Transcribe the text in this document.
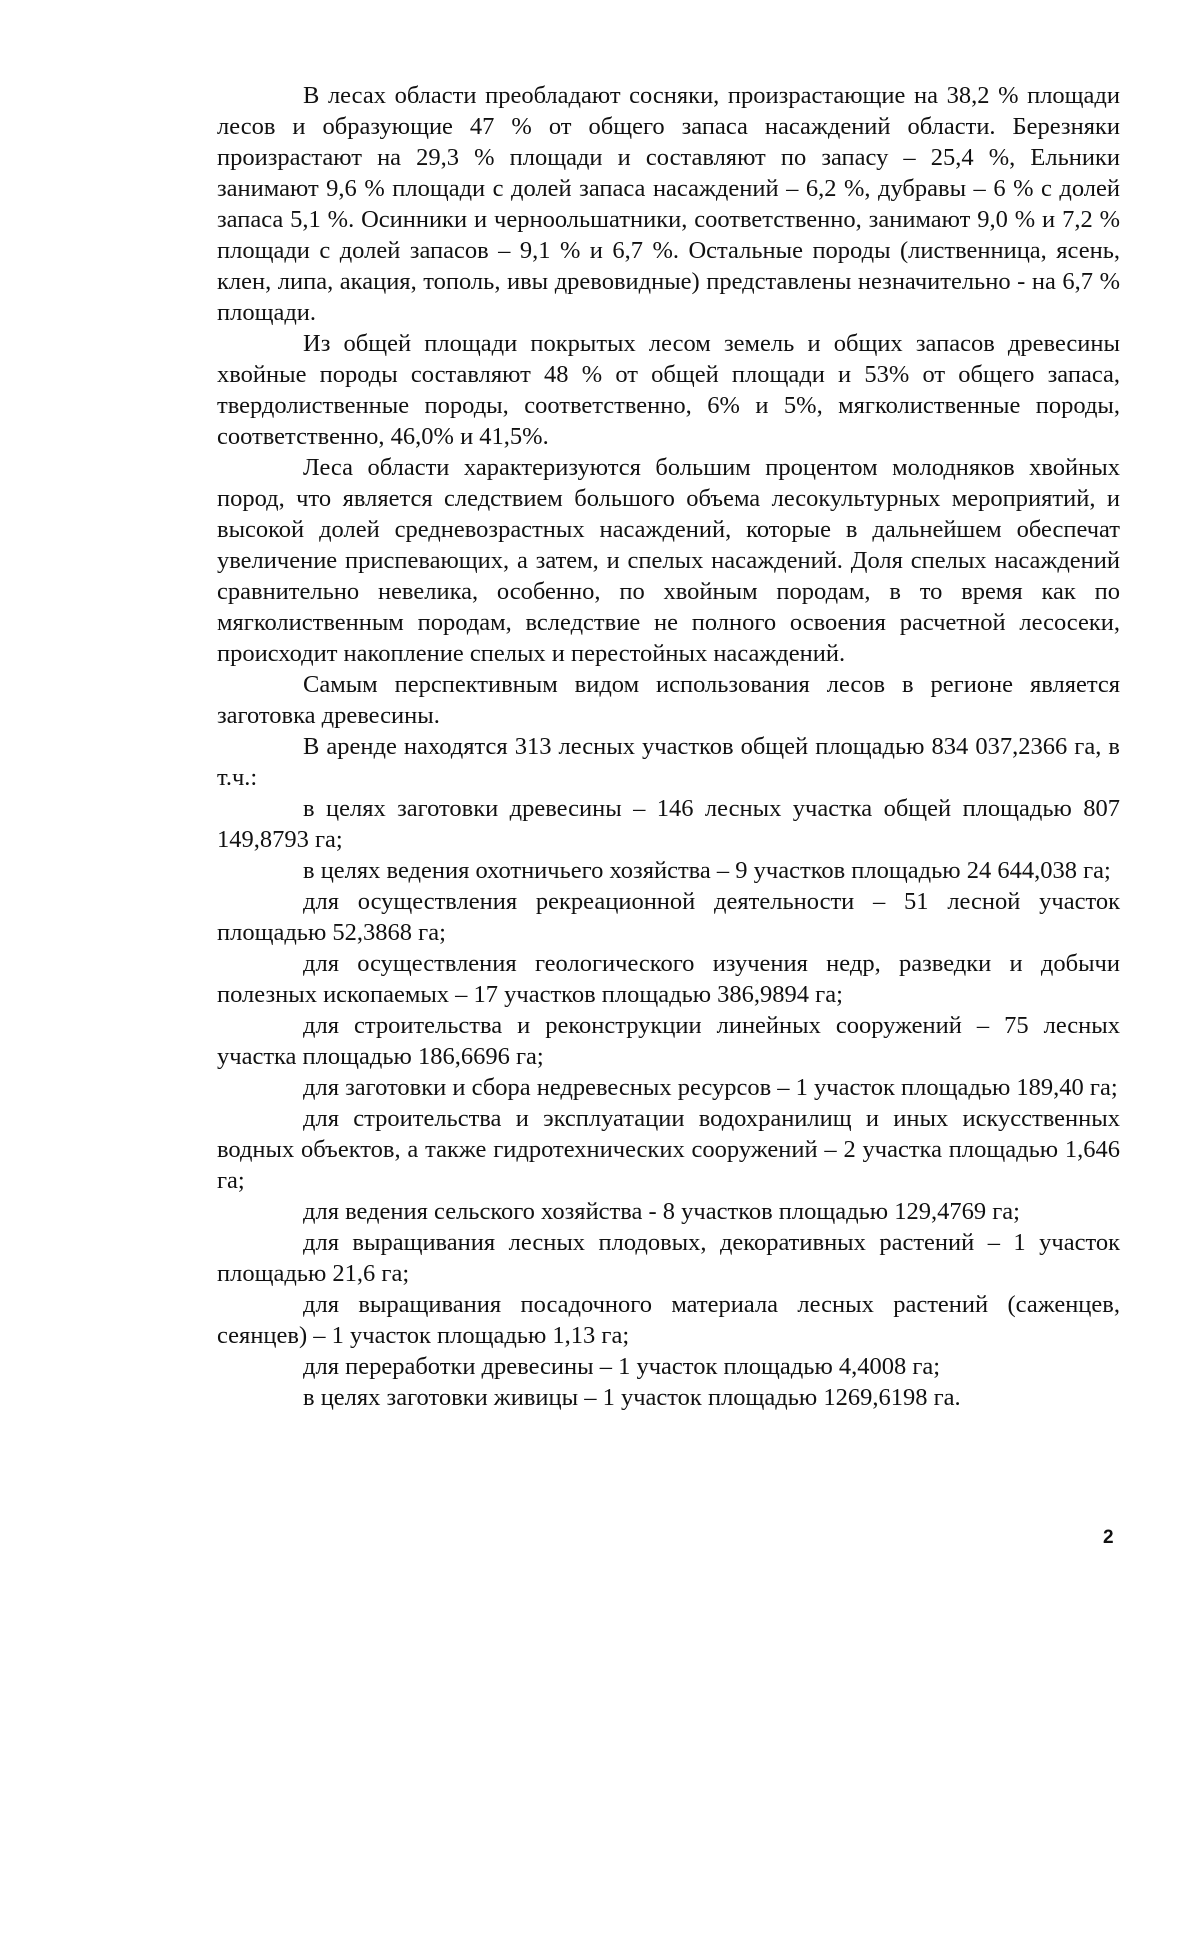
В лесах области преобладают сосняки, произрастающие на 38,2 % площади лесов и образующие 47 % от общего запаса насаждений области. Березняки произрастают на 29,3 % площади и составляют по запасу – 25,4 %, Ельники занимают 9,6 % площади с долей запаса насаждений – 6,2 %, дубравы – 6 % с долей запаса 5,1 %. Осинники и черноольшатники, соответственно, занимают 9,0 % и 7,2 % площади с долей запасов – 9,1 % и 6,7 %. Остальные породы (лиственница, ясень, клен, липа, акация, тополь, ивы древовидные) представлены незначительно - на 6,7 % площади.

Из общей площади покрытых лесом земель и общих запасов древесины хвойные породы составляют 48 % от общей площади и 53% от общего запаса, твердолиственные породы, соответственно, 6% и 5%, мягколиственные породы, соответственно, 46,0% и 41,5%.

Леса области характеризуются большим процентом молодняков хвойных пород, что является следствием большого объема лесокультурных мероприятий, и высокой долей средневозрастных насаждений, которые в дальнейшем обеспечат увеличение приспевающих, а затем, и спелых насаждений. Доля спелых насаждений сравнительно невелика, особенно, по хвойным породам, в то время как по мягколиственным породам, вследствие не полного освоения расчетной лесосеки, происходит накопление спелых и перестойных насаждений.

Самым перспективным видом использования лесов в регионе является заготовка древесины.

В аренде находятся 313 лесных участков общей площадью 834 037,2366 га, в т.ч.:

в целях заготовки древесины – 146 лесных участка общей площадью 807 149,8793 га;

в целях ведения охотничьего хозяйства – 9 участков площадью 24 644,038 га;

для осуществления рекреационной деятельности – 51 лесной участок площадью 52,3868 га;

для осуществления геологического изучения недр, разведки и добычи полезных ископаемых – 17 участков площадью 386,9894 га;

для строительства и реконструкции линейных сооружений – 75 лесных участка площадью 186,6696 га;

для заготовки и сбора недревесных ресурсов – 1 участок площадью 189,40 га;

для строительства и эксплуатации водохранилищ и иных искусственных водных объектов, а также гидротехнических сооружений – 2 участка площадью 1,646 га;

для ведения сельского хозяйства - 8 участков площадью 129,4769 га;

для выращивания лесных плодовых, декоративных растений – 1 участок площадью 21,6 га;

для выращивания посадочного материала лесных растений (саженцев, сеянцев) – 1 участок площадью 1,13 га;

для переработки древесины – 1 участок площадью 4,4008 га;

в целях заготовки живицы – 1 участок площадью 1269,6198 га.

2
